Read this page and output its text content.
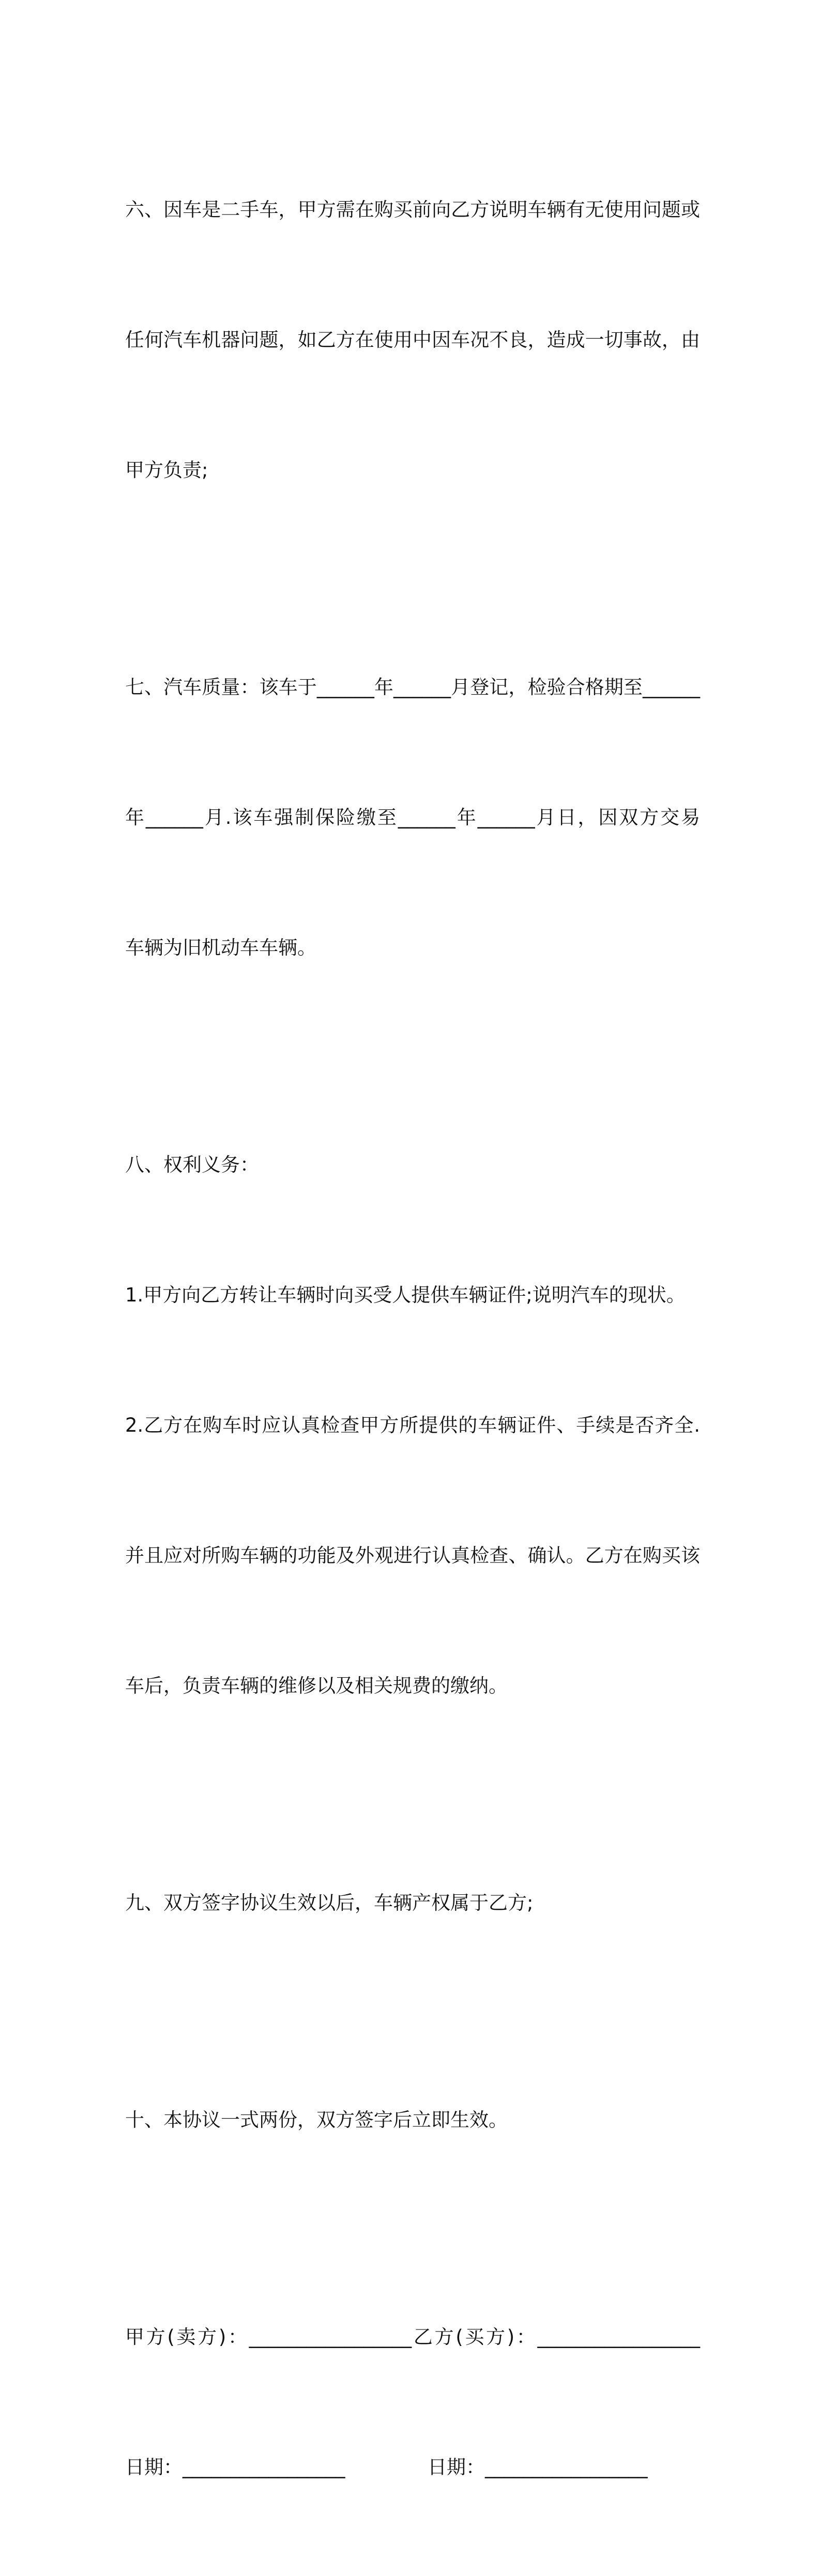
六、因车是二手车，甲方需在购买前向乙方说明车辆有无使用问题或

任何汽车机器问题，如乙方在使用中因车况不良，造成一切事故，由

甲方负责;

七、汽车质量：该车于______年______月登记，检验合格期至______

年______月.该车强制保险缴至______年______月日，因双方交易

车辆为旧机动车车辆。

八、权利义务：

1.甲方向乙方转让车辆时向买受人提供车辆证件;说明汽车的现状。

2.乙方在购车时应认真检查甲方所提供的车辆证件、手续是否齐全.

并且应对所购车辆的功能及外观进行认真检查、确认。乙方在购买该

车后，负责车辆的维修以及相关规费的缴纳。

九、双方签字协议生效以后，车辆产权属于乙方;

十、本协议一式两份，双方签字后立即生效。

甲方(卖方)：_________________乙方(买方)：_________________

日期：_________________	日期：_________________
